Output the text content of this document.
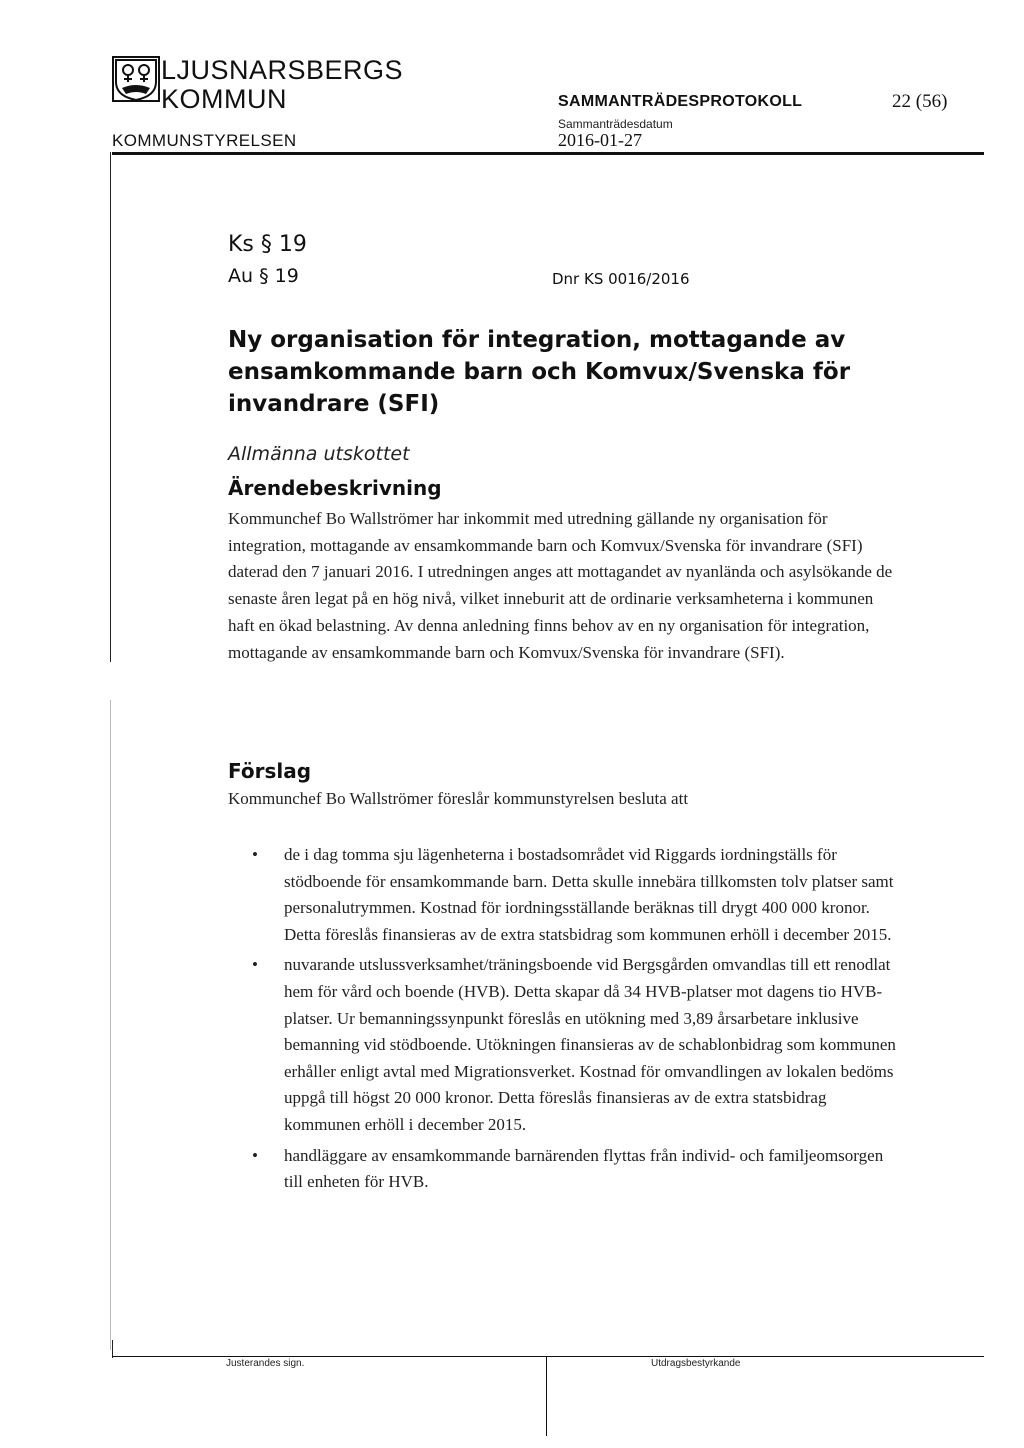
LJUSNARSBERGS
KOMMUN
KOMMUNSTYRELSEN
SAMMANTRÄDESPROTOKOLL
Sammanträdesdatum
2016-01-27
22 (56)
Ks § 19
Au § 19	Dnr KS 0016/2016
Ny organisation för integration, mottagande av ensamkommande barn och Komvux/Svenska för invandrare (SFI)
Allmänna utskottet
Ärendebeskrivning
Kommunchef Bo Wallströmer har inkommit med utredning gällande ny organisation för integration, mottagande av ensamkommande barn och Komvux/Svenska för invandrare (SFI) daterad den 7 januari 2016. I utredningen anges att mottagandet av nyanlända och asylsökande de senaste åren legat på en hög nivå, vilket inneburit att de ordinarie verksamheterna i kommunen haft en ökad belastning. Av denna anledning finns behov av en ny organisation för integration, mottagande av ensamkommande barn och Komvux/Svenska för invandrare (SFI).
Förslag
Kommunchef Bo Wallströmer föreslår kommunstyrelsen besluta att
• de i dag tomma sju lägenheterna i bostadsområdet vid Riggards iordningställs för stödboende för ensamkommande barn. Detta skulle innebära tillkomsten tolv platser samt personalutrymmen. Kostnad för iordningsställande beräknas till drygt 400 000 kronor. Detta föreslås finansieras av de extra statsbidrag som kommunen erhöll i december 2015.
• nuvarande utslussverksamhet/träningsboende vid Bergsgården omvandlas till ett renodlat hem för vård och boende (HVB). Detta skapar då 34 HVB-platser mot dagens tio HVB-platser. Ur bemanningssynpunkt föreslås en utökning med 3,89 årsarbetare inklusive bemanning vid stödboende. Utökningen finansieras av de schablonbidrag som kommunen erhåller enligt avtal med Migrationsverket. Kostnad för omvandlingen av lokalen bedöms uppgå till högst 20 000 kronor. Detta föreslås finansieras av de extra statsbidrag kommunen erhöll i december 2015.
• handläggare av ensamkommande barnärenden flyttas från individ- och familjeomsorgen till enheten för HVB.
Justerandes sign.	Utdragsbestyrkande
